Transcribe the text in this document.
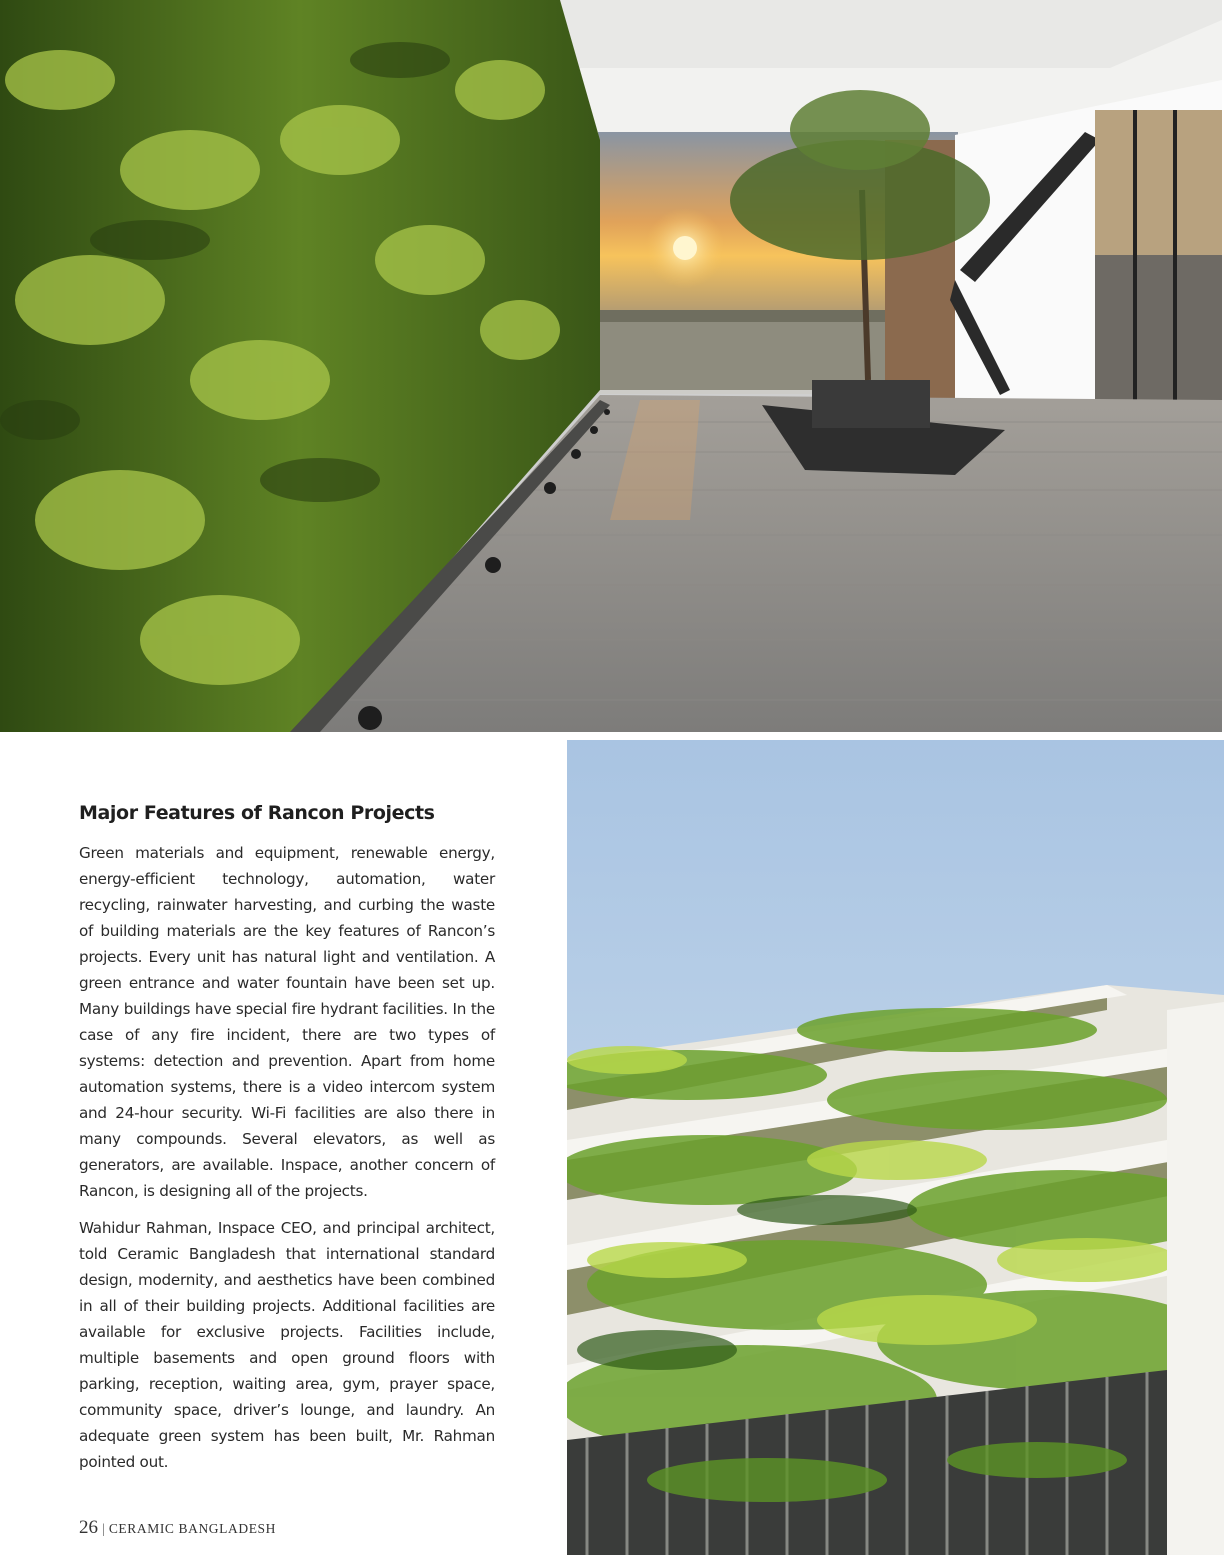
Major Features of Rancon Projects

Green materials and equipment, renewable energy, energy-efficient technology, automation, water recycling, rainwater harvesting, and curbing the waste of building materials are the key features of Rancon’s projects. Every unit has natural light and ventilation. A green entrance and water fountain have been set up. Many buildings have special fire hydrant facilities. In the case of any fire incident, there are two types of systems: detection and prevention. Apart from home automation systems, there is a video intercom system and 24-hour security. Wi-Fi facilities are also there in many compounds. Several elevators, as well as generators, are available. Inspace, another concern of Rancon, is designing all of the projects.

Wahidur Rahman, Inspace CEO, and principal architect, told Ceramic Bangladesh that international standard design, modernity, and aesthetics have been combined in all of their building projects. Additional facilities are available for exclusive projects. Facilities include, multiple basements and open ground floors with parking, reception, waiting area, gym, prayer space, community space, driver’s lounge, and laundry. An adequate green system has been built, Mr. Rahman pointed out.

26 | CERAMIC BANGLADESH
